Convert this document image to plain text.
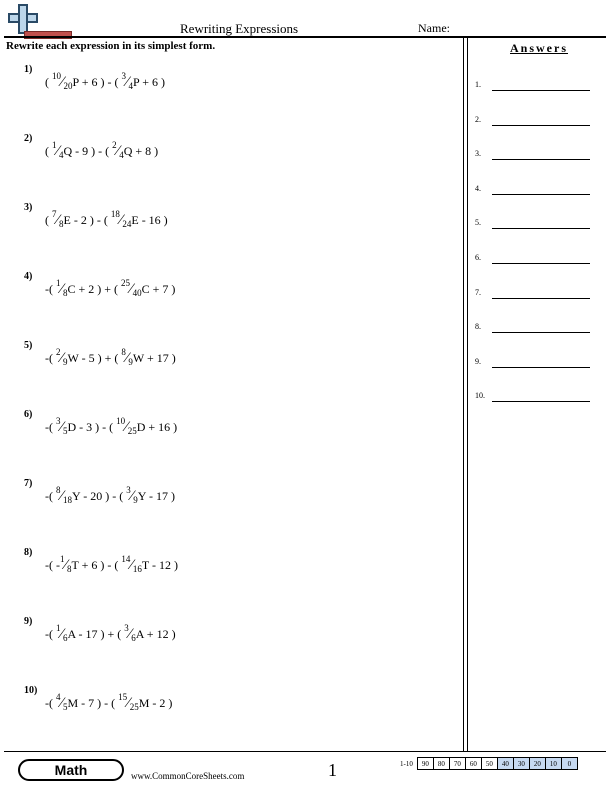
Rewriting Expressions	Name:
Rewrite each expression in its simplest form.
1)
( $^{10}⁄_{20}P + 6$ ) - ( $^3⁄_4P + 6$ )
2)
( $^1⁄_4Q - 9$ ) - ( $^2⁄_4Q + 8$ )
3)
( $^7⁄_8E - 2$ ) - ( $^{18}⁄_{24}E - 16$ )
4)
-( $^1⁄_8C + 2$ ) + ( $^{25}⁄_{40}C + 7$ )
5)
-( $^2⁄_9W - 5$ ) + ( $^8⁄_9W + 17$ )
6)
-( $^3⁄_5D - 3$ ) - ( $^{10}⁄_{25}D + 16$ )
7)
-( $^8⁄_{18}Y - 20$ ) - ( $^3⁄_9Y - 17$ )
8)
-( $-^1⁄_8T + 6$ ) - ( $^{14}⁄_{16}T - 12$ )
9)
-( $^1⁄_6A - 17$ ) + ( $^3⁄_6A + 12$ )
10)
-( $^4⁄_5M - 7$ ) - ( $^{15}⁄_{25}M - 2$ )
Answers
1.
2.
3.
4.
5.
6.
7.
8.
9.
10.
Math	www.CommonCoreSheets.com	1	1-10	90	80	70	60	50	40	30	20	10	0
